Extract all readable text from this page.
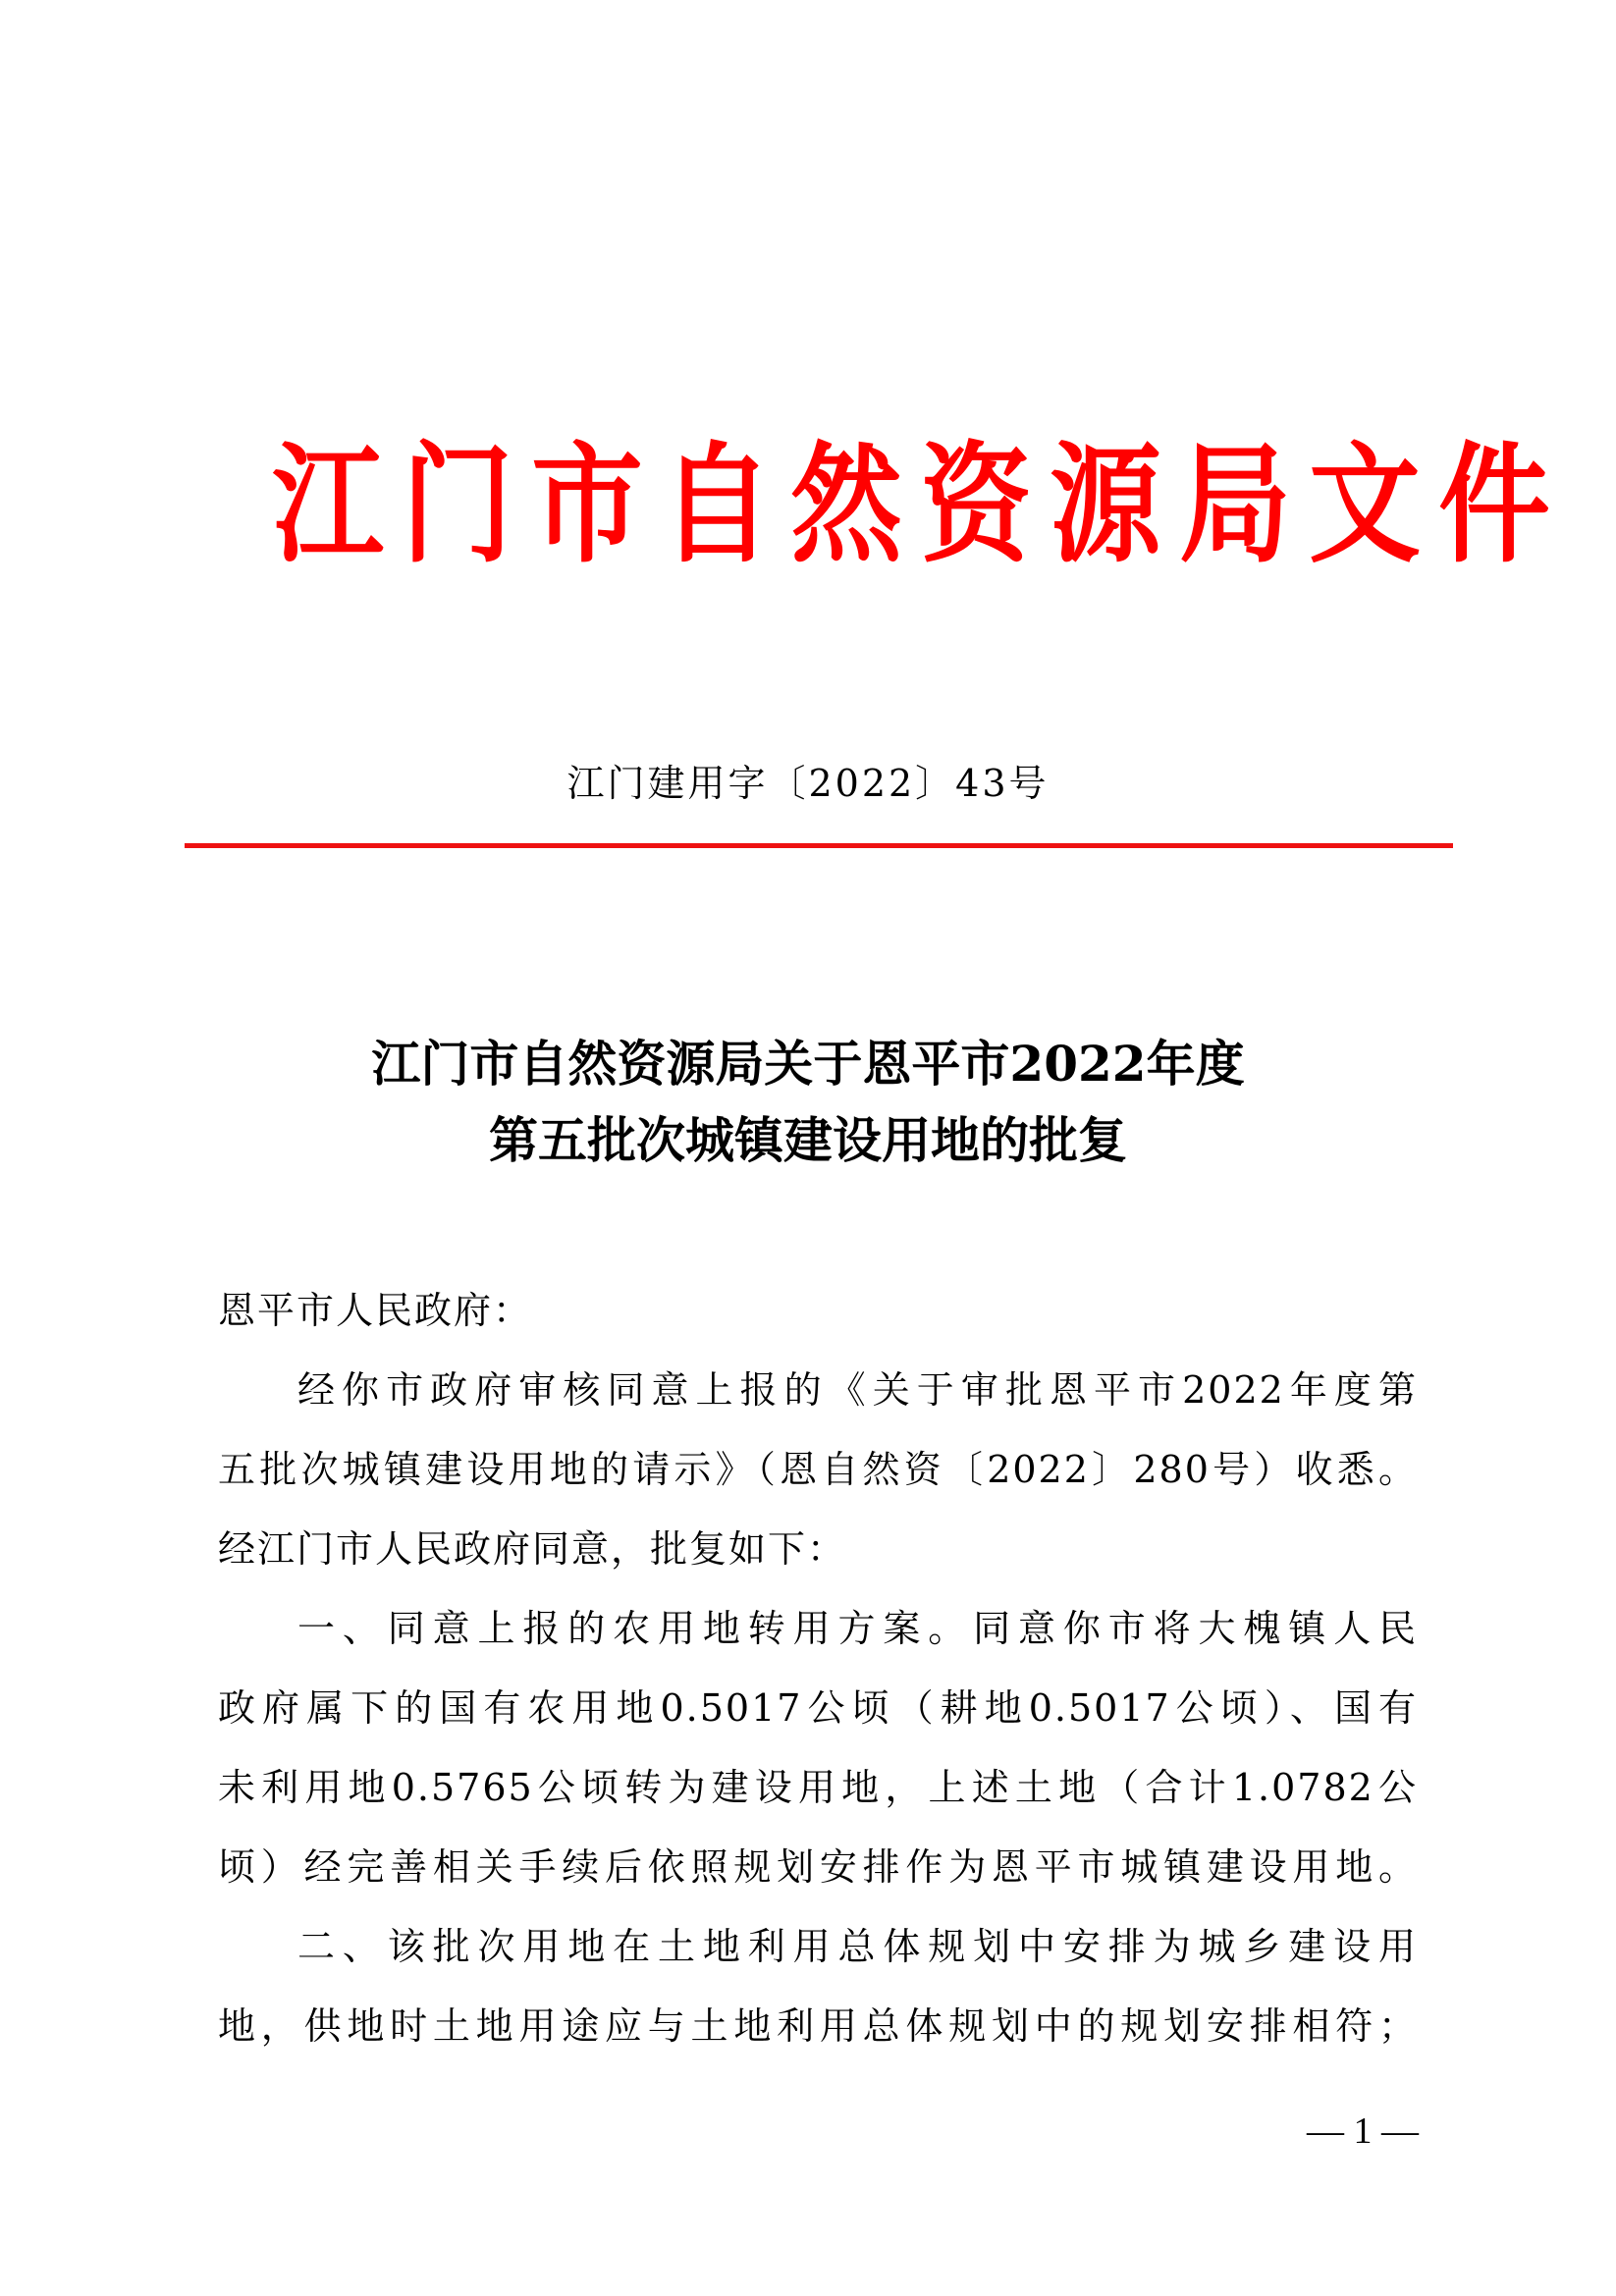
江 门 市 自 然 资 源 局 文 件
江门建用字〔2022〕43号
江门市自然资源局关于恩平市2022年度
第五批次城镇建设用地的批复
恩平市人民政府：
经你市政府审核同意上报的《关于审批恩平市2022年度第
五批次城镇建设用地的请示》（恩自然资〔2022〕280号）收悉。
经江门市人民政府同意，批复如下：
一、同意上报的农用地转用方案。同意你市将大槐镇人民
政府属下的国有农用地0.5017公顷（耕地0.5017公顷）、国有
未利用地0.5765公顷转为建设用地，上述土地（合计1.0782公
顷）经完善相关手续后依照规划安排作为恩平市城镇建设用地。
二、该批次用地在土地利用总体规划中安排为城乡建设用
地，供地时土地用途应与土地利用总体规划中的规划安排相符；
— 1 —
